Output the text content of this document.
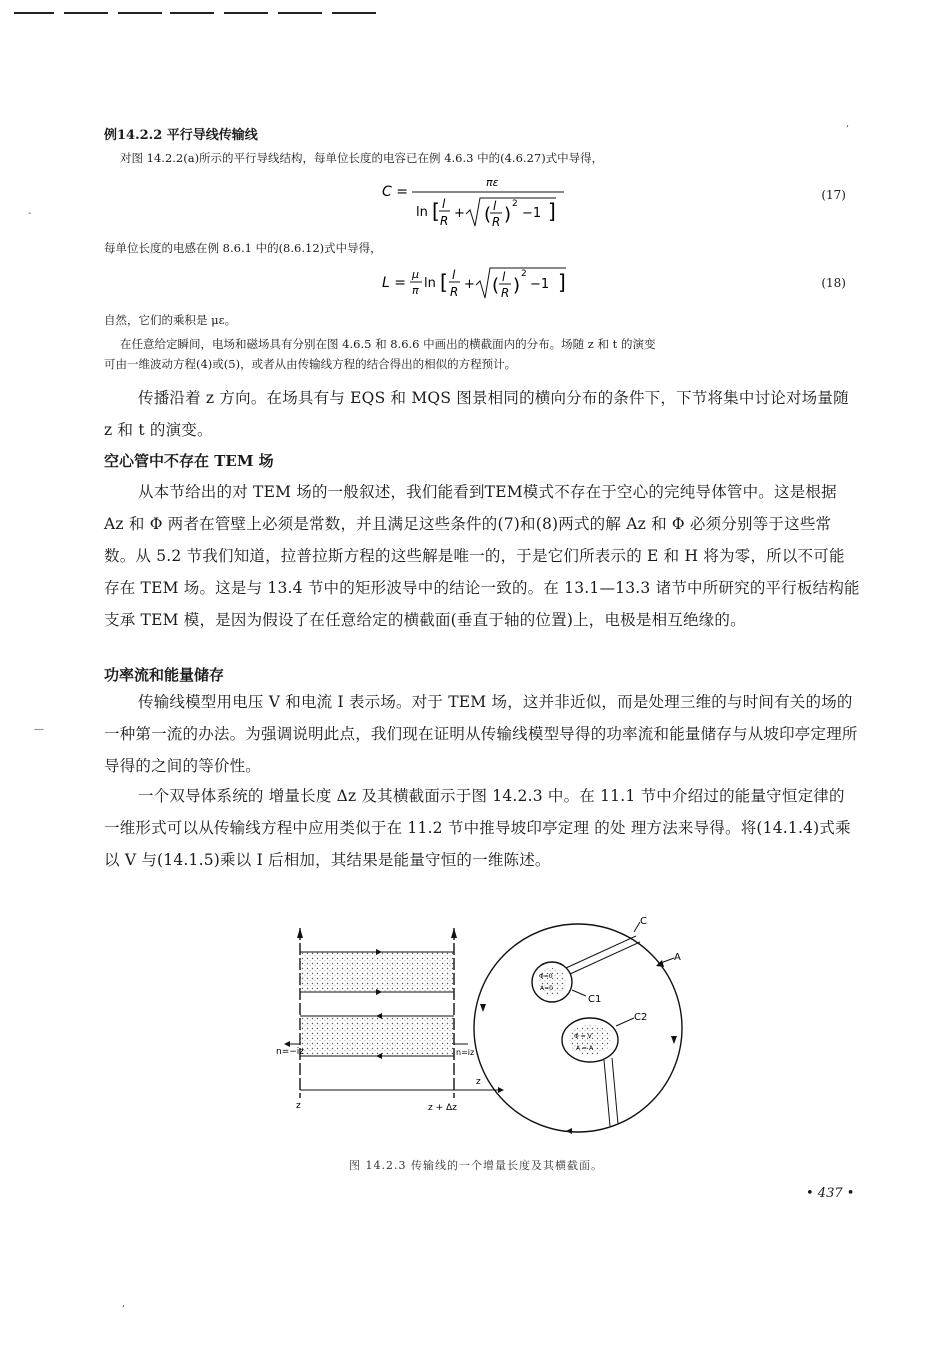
例14.2.2 平行导线传输线
对图 14.2.2(a)所示的平行导线结构，每单位长度的电容已在例 4.6.3 中的(4.6.27)式中导得，
C =
πε
ln [ l
R + ( l
R ) 2
−1 ]
(17)
每单位长度的电感在例 8.6.1 中的(8.6.12)式中导得，
L =
μ
π ln [ l
R + ( l
R )
2
−1 ]	(18)
自然，它们的乘积是 με。
在任意给定瞬间，电场和磁场具有分别在图 4.6.5 和 8.6.6 中画出的横截面内的分布。场随 z 和 t 的演变
可由一维波动方程(4)或(5)，或者从由传输线方程的结合得出的相似的方程预计。
传播沿着 z 方向。在场具有与 EQS 和 MQS 图景相同的横向分布的条件下，下节将集中讨论对场量随 z 和 t 的演变。
空心管中不存在 TEM 场
从本节给出的对 TEM 场的一般叙述，我们能看到TEM模式不存在于空心的完纯导体管中。这是根据 Az 和 Φ 两者在管壁上必须是常数，并且满足这些条件的(7)和(8)两式的解 Az 和 Φ 必须分别等于这些常数。从 5.2 节我们知道，拉普拉斯方程的这些解是唯一的，于是它们所表示的 E 和 H 将为零，所以不可能存在 TEM 场。这是与 13.4 节中的矩形波导中的结论一致的。在 13.1—13.3 诸节中所研究的平行板结构能支承 TEM 模，是因为假设了在任意给定的横截面(垂直于轴的位置)上，电极是相互绝缘的。
功率流和能量储存
传输线模型用电压 V 和电流 I 表示场。对于 TEM 场，这并非近似，而是处理三维的与时间有关的场的一种第一流的办法。为强调说明此点，我们现在证明从传输线模型导得的功率流和能量储存与从坡印亭定理所导得的之间的等价性。
一个双导体系统的 增量长度 Δz 及其横截面示于图 14.2.3 中。在 11.1 节中介绍过的能量守恒定律的一维形式可以从传输线方程中应用类似于在 11.2 节中推导坡印亭定理 的处 理方法来导得。将(14.1.4)式乘以 V 与(14.1.5)乘以 I 后相加，其结果是能量守恒的一维陈述。
n=−iz	n=iz
z
z	z + Δz
Φ=0
A=0
C
C1
A
Φ = V
A = A
C2
图 14.2.3 传输线的一个增量长度及其横截面。
• 437 •
,
-
—
,
